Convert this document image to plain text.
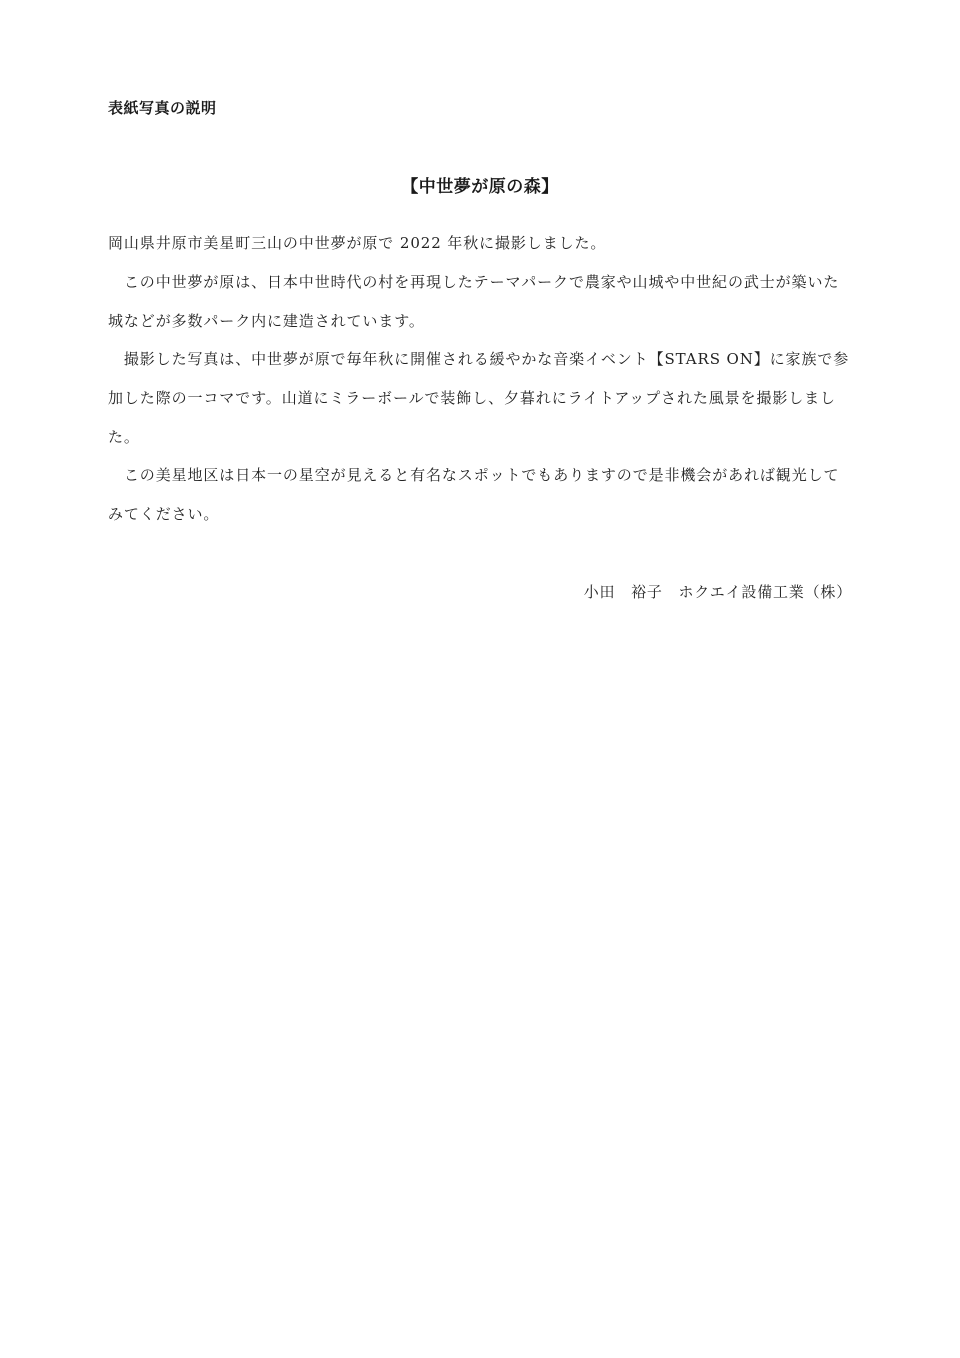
表紙写真の説明
【中世夢が原の森】
岡山県井原市美星町三山の中世夢が原で 2022 年秋に撮影しました。
　この中世夢が原は、日本中世時代の村を再現したテーマパークで農家や山城や中世紀の武士が築いた
城などが多数パーク内に建造されています。
　撮影した写真は、中世夢が原で毎年秋に開催される緩やかな音楽イベント【STARS ON】に家族で参
加した際の一コマです。山道にミラーボールで装飾し、夕暮れにライトアップされた風景を撮影しまし
た。
　この美星地区は日本一の星空が見えると有名なスポットでもありますので是非機会があれば観光して
みてください。
小田　裕子　ホクエイ設備工業（株）
